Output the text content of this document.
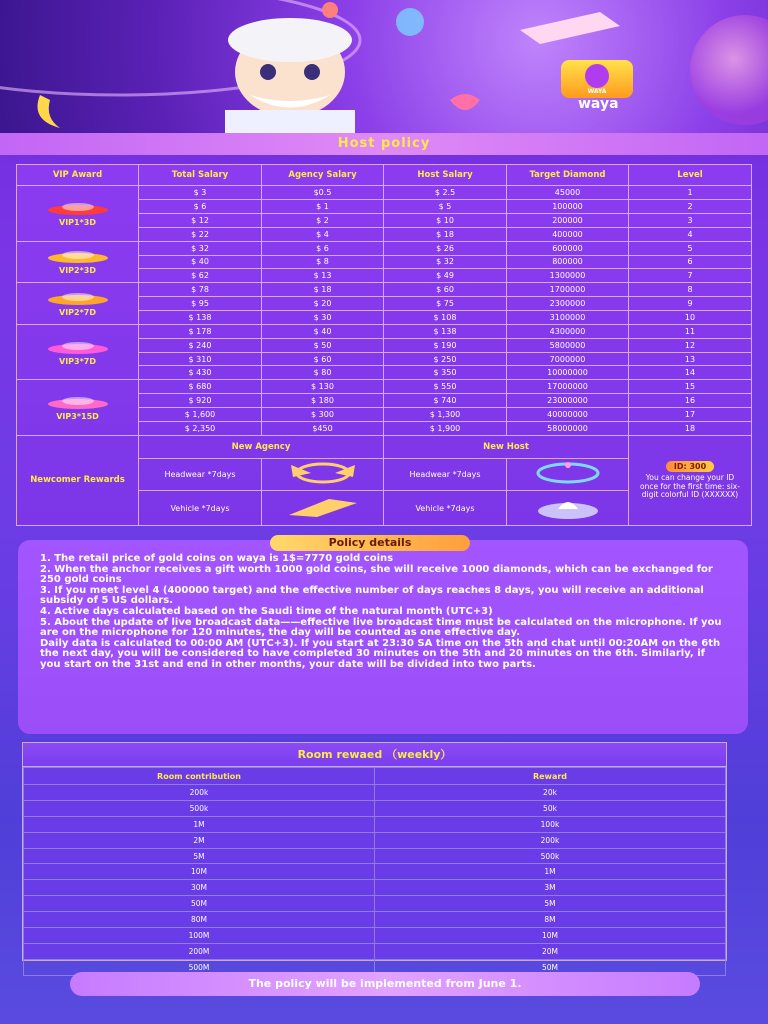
WAYA
waya
Host policy
VIP Award	Total Salary	Agency Salary	Host Salary	Target Diamond	Level

VIP1*3D	$ 3	$0.5	$ 2.5	45000	1
	$ 6	$ 1	$ 5	100000	2
	$ 12	$ 2	$ 10	200000	3
	$ 22	$ 4	$ 18	400000	4

VIP2*3D	$ 32	$ 6	$ 26	600000	5
	$ 40	$ 8	$ 32	800000	6
	$ 62	$ 13	$ 49	1300000	7

VIP2*7D	$ 78	$ 18	$ 60	1700000	8
	$ 95	$ 20	$ 75	2300000	9
	$ 138	$ 30	$ 108	3100000	10

VIP3*7D	$ 178	$ 40	$ 138	4300000	11
	$ 240	$ 50	$ 190	5800000	12
	$ 310	$ 60	$ 250	7000000	13
	$ 430	$ 80	$ 350	10000000	14

VIP3*15D	$ 680	$ 130	$ 550	17000000	15
	$ 920	$ 180	$ 740	23000000	16
	$ 1,600	$ 300	$ 1,300	40000000	17
	$ 2,350	$450	$ 1,900	58000000	18
Newcomer Rewards	New Agency		New Host		ID: 300
You can change your ID once for the first time: six-digit colorful ID (XXXXXX)

	Headwear *7days		Headwear *7days	
	Vehicle *7days		Vehicle *7days	

1. The retail price of gold coins on waya is 1$=7770 gold coins

2. When the anchor receives a gift worth 1000 gold coins, she will receive 1000 diamonds, which can be exchanged for 250 gold coins

3. If you meet level 4 (400000 target) and the effective number of days reaches 8 days, you will receive an additional subsidy of 5 US dollars.

4. Active days calculated based on the Saudi time of the natural month (UTC+3)

5. About the update of live broadcast data——effective live broadcast time must be calculated on the microphone. If you are on the microphone for 120 minutes, the day will be counted as one effective day.

Daily data is calculated to 00:00 AM (UTC+3). If you start at 23:30 SA time on the 5th and chat until 00:20AM on the 6th the next day, you will be considered to have completed 30 minutes on the 5th and 20 minutes on the 6th. Similarly, if you start on the 31st and end in other months, your date will be divided into two parts.

Policy details
Room rewaed （weekly）
Room contribution	Reward
200k	20k
500k	50k
1M	100k
2M	200k
5M	500k
10M	1M
30M	3M
50M	5M
80M	8M
100M	10M
200M	20M
500M	50M
The policy will be implemented from June 1.
